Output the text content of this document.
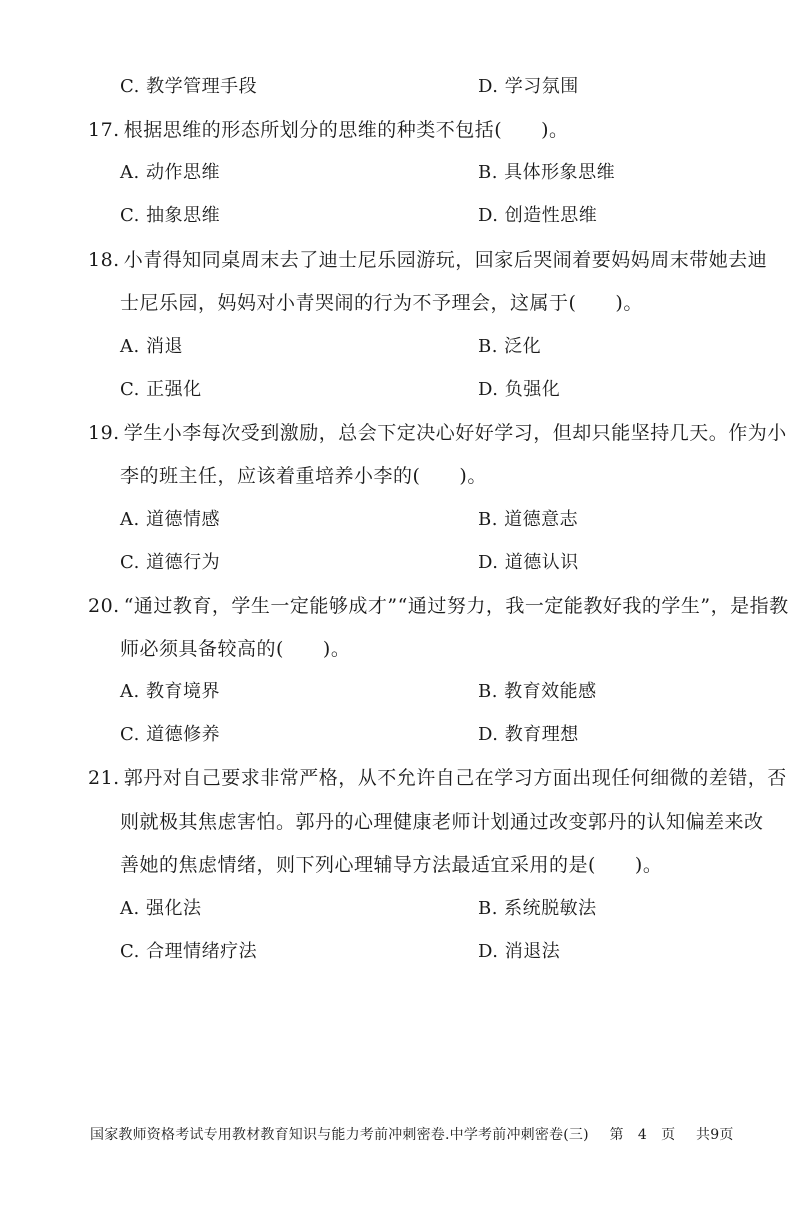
C. 教学管理手段	D. 学习氛围
17. 根据思维的形态所划分的思维的种类不包括(　　)。
A. 动作思维	B. 具体形象思维
C. 抽象思维	D. 创造性思维
18. 小青得知同桌周末去了迪士尼乐园游玩，回家后哭闹着要妈妈周末带她去迪
士尼乐园，妈妈对小青哭闹的行为不予理会，这属于(　　)。
A. 消退	B. 泛化
C. 正强化	D. 负强化
19. 学生小李每次受到激励，总会下定决心好好学习，但却只能坚持几天。作为小
李的班主任，应该着重培养小李的(　　)。
A. 道德情感	B. 道德意志
C. 道德行为	D. 道德认识
20. “通过教育，学生一定能够成才”“通过努力，我一定能教好我的学生”，是指教
师必须具备较高的(　　)。
A. 教育境界	B. 教育效能感
C. 道德修养	D. 教育理想
21. 郭丹对自己要求非常严格，从不允许自己在学习方面出现任何细微的差错，否
则就极其焦虑害怕。郭丹的心理健康老师计划通过改变郭丹的认知偏差来改
善她的焦虑情绪，则下列心理辅导方法最适宜采用的是(　　)。
A. 强化法	B. 系统脱敏法
C. 合理情绪疗法	D. 消退法
国家教师资格考试专用教材教育知识与能力考前冲刺密卷.中学考前冲刺密卷(三) 第　4　页 共9页
